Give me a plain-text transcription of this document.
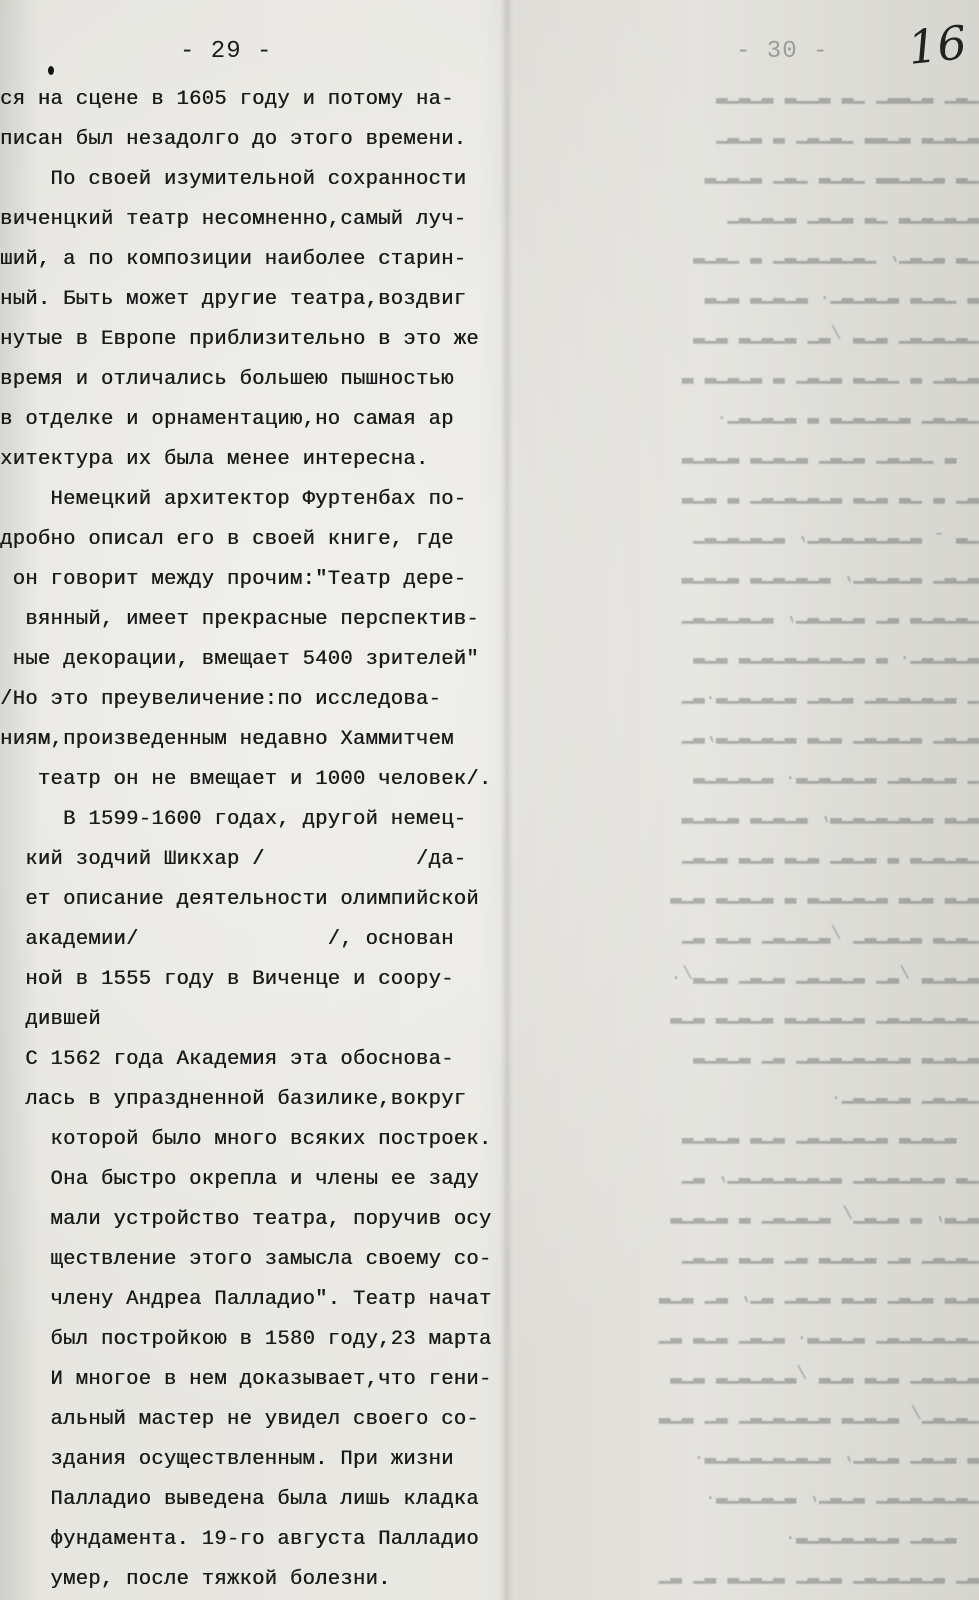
- 29 -	- 30 - 16
ся на сцене в 1605 году и потому на-
писан был незадолго до этого времени.
По своей изумительной сохранности
виченцкий театр несомненно,самый луч-
ший, а по композиции наиболее старин-
ный. Быть может другие театра,воздвиг
нутые в Европе приблизительно в это же
время и отличались большею пышностью
в отделке и орнаментацию,но самая ар
хитектура их была менее интересна.
Немецкий архитектор Фуртенбах по-
дробно описал его в своей книге, где
он говорит между прочим:"Театр дере-
вянный, имеет прекрасные перспектив-
ные декорации, вмещает 5400 зрителей"
/Но это преувеличение:по исследова-
ниям,произведенным недавно Хаммитчем
театр он не вмещает и 1000 человек/.
В 1599-1600 годах, другой немец-
кий зодчий Шикхар /            /да-
ет описание деятельности олимпийской
академии/               /, основан
ной в 1555 году в Виченце и соору-
дившей
С 1562 года Академия эта обоснова-
лась в упраздненной базилике,вокруг
которой было много всяких построек.
Она быстро окрепла и члены ее заду
мали устройство театра, поручив осу
ществление этого замысла своему со-
члену Андреа Палладио". Театр начат
был постройкою в 1580 году,23 марта
И многое в нем доказывает,что гени-
альный мастер не увидел своего со-
здания осуществленным. При жизни
Палладио выведена была лишь кладка
фундамента. 19-го августа Палладио
умер, после тяжкой болезни.
▁▂▁ ▂▁▂▂▁ ▁▂ ▂▁▁▂ ▂▁▂▁▂
▂▁▂▁▂ ▂▁▂▂ ▁▂▁▂▁ ▂ ▂▁▂▁
▁▂ ▂▁▂▁▂▂ ▁▂▁▂ ▁▂▁ ▂▁▂▁▂
▂▁▂▁▂▁▂ ▁▂ ▂▁▂▁ ▂▁▂▁▂▁
▁▂ ▂▁▂▁, ▁▂▁▂▁▂▁▂▁ ▂ ▁▂▁▂
▂ ▁▂▁▂ ▂▁▂▁▂▁. ▂▁▂▁▂ ▂▁▂
▁▂▁▂▁▂▁ ▂▁▂ /▂▁ ▂▁▂▁▂ ▂▁▂
▂▁▂▁ ▂ ▁▂▁▂ ▂▁▂▁ ▂ ▂▁▂▁▂ ▂
▁▂▁▂▁ ▂▁▂▁▂▁▂ ▂ ▂▁▂▁▂▁.
▂ ▁▂▁▂▁ ▂▁▂▁ ▂▁▂▁▂ ▂▁▂▁▂
▂▁ ▂ ▁▂ ▂▁▂ ▂▁▂▁▂▁▂▁ ▂ ▂▁▂
▁▂ - ▂▁▂▁▂▁▂▁▂▁, ▂▁▂▁▂▁▂▁
▂▁▂▁ ▂▁▂▁▂▁, ▂▁▂▁▂▁▂ ▂▁▂▁▂
▁▂▁▂▁▂ ▂▁ ▂▁▂▁▂▁, ▂▁▂▁▂▁▂▁
▂▁▂▁▂▁. ▂ ▂▁▂▁▂▁▂▁▂▁▂ ▂▁▂
▁ ▂▁▂▁▂▁▂▁ ▂▁▂▁ ▂▁▂▁▂▁▂.▂▁
▂▁▂▁ ▂▁▂▁▂▁ ▂▁▂ ▂▁▂▁▂▁▂,▂▁
▁ ▂▁▂▁▂▁ ▂▁▂▁▂▁▂. ▂▁▂▁▂▁▂
▂▁▂ ▂▁▂▁▂▁▂▁▂, ▂▁▂▁▂ ▂▁▂▁▂
▁▂▁▂▁▂ ▂ ▂▁▂▁ ▂▁▂ ▂▁▂ ▂▁▂▁
▂▁▂ ▂▁▂ ▂▁▂▁▂▁▂ ▂ ▂▁▂▁▂ ▂▁▂
▁▂▁▂ ▂▁▂▁▂▁ /▂▁▂▁▂▁ ▂▁▂ ▂▁
▂▁▂▁▂ /▂▁ ▂▁▂▁▂▁ ▂▁▂▁ ▂▁▂/.
▁▂▁▂▁▂▁▂▁ ▂▁▂▁▂▁▂ ▂▁▂▁▂ ▂▁▂
▂▁▂▁▂ ▂▁▂▁▂▁▂▁▂▁ ▂▁ ▂▁▂▁▂
▁▂▁▂▁ ▂▁▂▁▂▁.
▂▁▂▁▂ ▂▁▂▁▂▁▂▁ ▂▁▂ ▂▁▂▁▂
▁▂ ▂▁▂▁▂▁▂▁ ▂▁▂▁▂▁▂▁▂▁, ▂▁
▂▁▂, ▂ ▂▁▂▁/ ▂▁▂▁▂▁ ▂ ▂▁▂▁▂
▁▂▁▂▁ ▂▁ ▂▁▂▁▂ ▂▁ ▂▁▂ ▂▁▂▁
▂▁▂ ▂▁▂▁ ▂▁▂ ▂▁▂▁ ▂▁, ▂▁ ▂▁▂
▁▂▁▂▁▂▁▂▁ ▂▁▂▁▂. ▂▁▂▁ ▂▁▂ ▂▁
▂▁▂▁▂▁ ▂▁▂ ▂▁▂ /▂▁▂▁▂▁▂ ▂▁▂
▁▂▁▂▁/ ▂▁▂▁▂ ▂▁▂▁▂▁▂▁ ▂▁ ▂▁▂
▂ ▂▁▂▁ ▂▁▂▁, ▂▁▂▁▂▁▂▁▂▁▂.
▁▂▁▂▁▂▁▂▁ ▂▁▂▁, ▂▁▂▁▂▁▂.
▂▁▂▁ ▂▁▂▁▂▁▂▁▂.
▂▁ ▂▁▂▁▂▁▂▁ ▂▁▂▁ ▂▁▂▁▂ ▂▁ ▂▁
